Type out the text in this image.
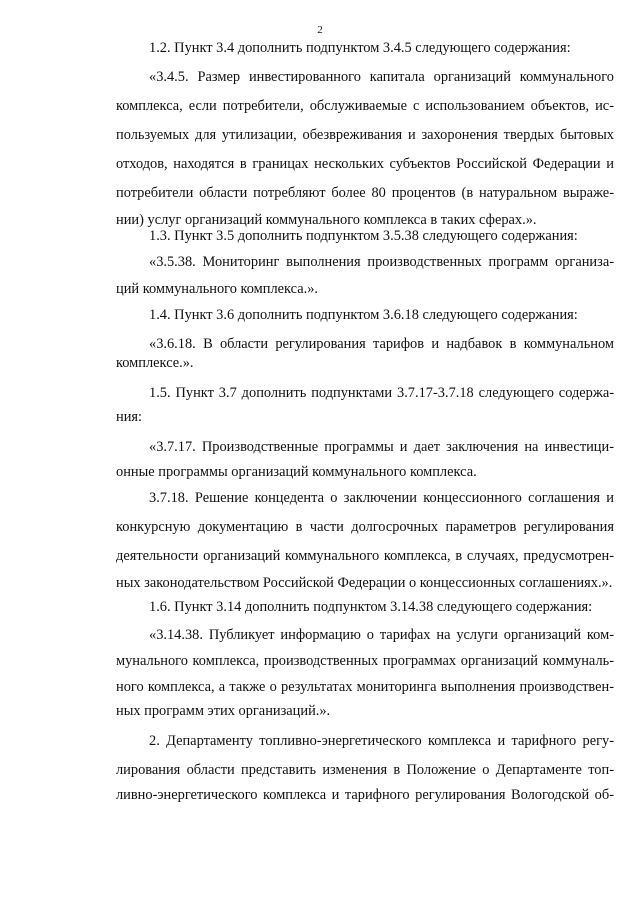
2
1.2. Пункт 3.4 дополнить подпунктом 3.4.5 следующего содержания:
«3.4.5. Размер инвестированного капитала организаций коммунального
комплекса, если потребители, обслуживаемые с использованием объектов, ис-
пользуемых для утилизации, обезвреживания и захоронения твердых бытовых
отходов, находятся в границах нескольких субъектов Российской Федерации и
потребители области потребляют более 80 процентов (в натуральном выраже-
нии) услуг организаций коммунального комплекса в таких сферах.».
1.3. Пункт 3.5 дополнить подпунктом 3.5.38 следующего содержания:
«3.5.38. Мониторинг выполнения производственных программ организа-
ций коммунального комплекса.».
1.4. Пункт 3.6 дополнить подпунктом 3.6.18 следующего содержания:
«3.6.18. В области регулирования тарифов и надбавок в коммунальном
комплексе.».
1.5. Пункт 3.7 дополнить подпунктами 3.7.17-3.7.18 следующего содержа-
ния:
«3.7.17. Производственные программы и дает заключения на инвестици-
онные программы организаций коммунального комплекса.
3.7.18. Решение концедента о заключении концессионного соглашения и
конкурсную документацию в части долгосрочных параметров регулирования
деятельности организаций коммунального комплекса, в случаях, предусмотрен-
ных законодательством Российской Федерации о концессионных соглашениях.».
1.6. Пункт 3.14 дополнить подпунктом 3.14.38 следующего содержания:
«3.14.38. Публикует информацию о тарифах на услуги организаций ком-
мунального комплекса, производственных программах организаций коммуналь-
ного комплекса, а также о результатах мониторинга выполнения производствен-
ных программ этих организаций.».
2. Департаменту топливно-энергетического комплекса и тарифного регу-
лирования области представить изменения в Положение о Департаменте топ-
ливно-энергетического комплекса и тарифного регулирования Вологодской об-
